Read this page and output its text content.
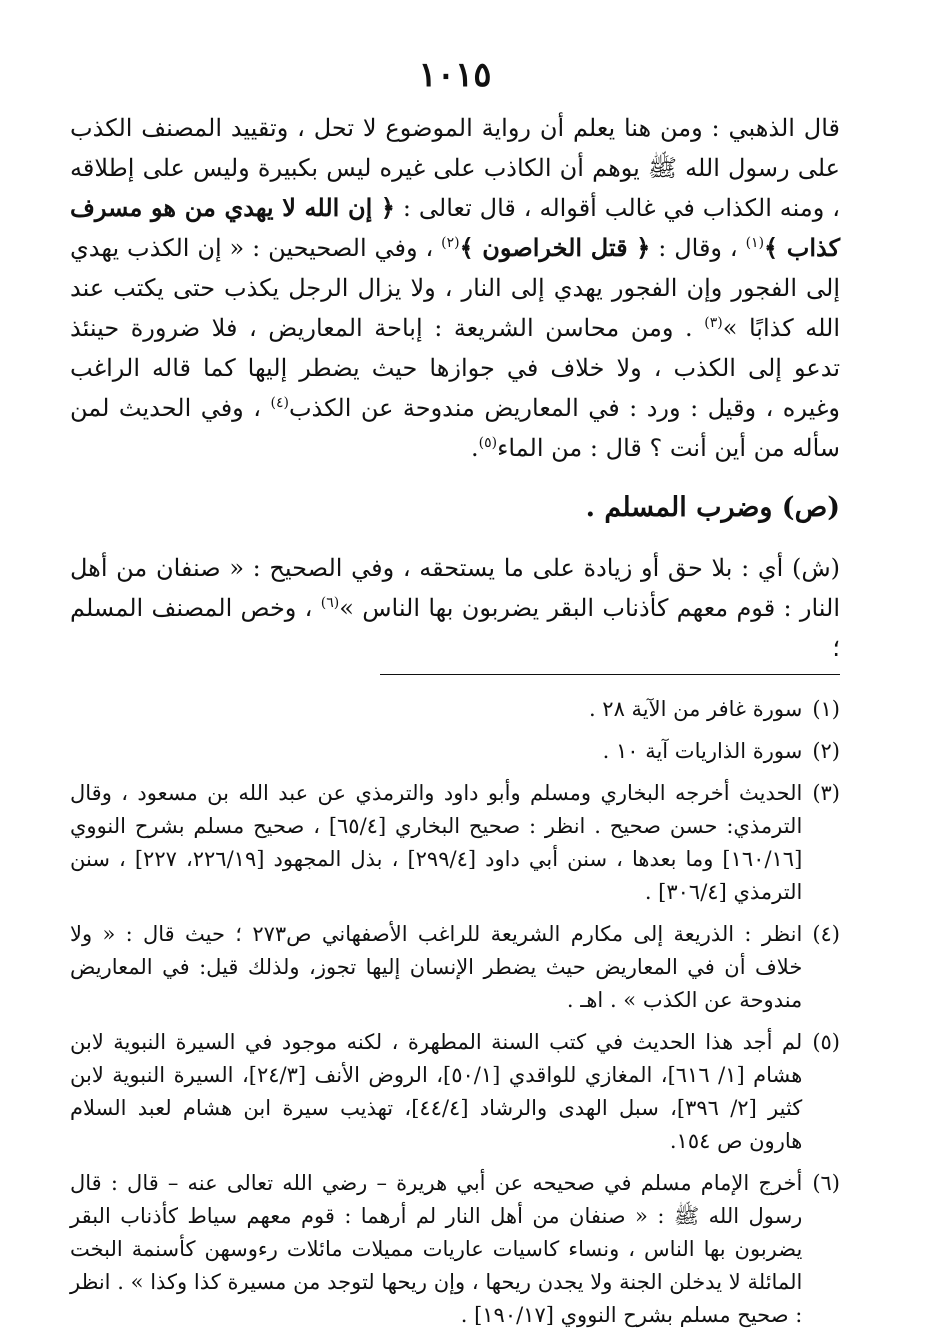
١٠١٥

قال الذهبي : ومن هنا يعلم أن رواية الموضوع لا تحل ، وتقييد المصنف الكذب على رسول الله ﷺ يوهم أن الكاذب على غيره ليس بكبيرة وليس على إطلاقه ، ومنه الكذاب في غالب أقواله ، قال تعالى : ﴿ إن الله لا يهدي من هو مسرف كذاب ﴾$^{(١)}$ ، وقال : ﴿ قتل الخراصون ﴾$^{(٢)}$ ، وفي الصحيحين : « إن الكذب يهدي إلى الفجور وإن الفجور يهدي إلى النار ، ولا يزال الرجل يكذب حتى يكتب عند الله كذابًا »$^{(٣)}$ . ومن محاسن الشريعة : إباحة المعاريض ، فلا ضرورة حينئذ تدعو إلى الكذب ، ولا خلاف في جوازها حيث يضطر إليها كما قاله الراغب وغيره ، وقيل : ورد : في المعاريض مندوحة عن الكذب$^{(٤)}$ ، وفي الحديث لمن سأله من أين أنت ؟ قال : من الماء$^{(٥)}$.

(ص) وضرب المسلم .

(ش) أي : بلا حق أو زيادة على ما يستحقه ، وفي الصحيح : « صنفان من أهل النار : قوم معهم كأذناب البقر يضربون بها الناس »$^{(٦)}$ ، وخص المصنف المسلم ؛

(١)
سورة غافر من الآية ٢٨ .
(٢)
سورة الذاريات آية ١٠ .
(٣)
الحديث أخرجه البخاري ومسلم وأبو داود والترمذي عن عبد الله بن مسعود ، وقال الترمذي: حسن صحيح . انظر : صحيح البخاري [٦٥/٤] ، صحيح مسلم بشرح النووي [١٦٠/١٦] وما بعدها ، سنن أبي داود [٢٩٩/٤] ، بذل المجهود [٢٢٦/١٩، ٢٢٧] ، سنن الترمذي [٣٠٦/٤] .
(٤)
انظر : الذريعة إلى مكارم الشريعة للراغب الأصفهاني ص٢٧٣ ؛ حيث قال : « ولا خلاف أن في المعاريض حيث يضطر الإنسان إليها تجوز، ولذلك قيل: في المعاريض مندوحة عن الكذب » . اهـ .
(٥)
لم أجد هذا الحديث في كتب السنة المطهرة ، لكنه موجود في السيرة النبوية لابن هشام [١/ ٦١٦]، المغازي للواقدي [٥٠/١]، الروض الأنف [٢٤/٣]، السيرة النبوية لابن كثير [٢/ ٣٩٦]، سبل الهدى والرشاد [٤٤/٤]، تهذيب سيرة ابن هشام لعبد السلام هارون ص ١٥٤.
(٦)
أخرج الإمام مسلم في صحيحه عن أبي هريرة – رضي الله تعالى عنه – قال : قال رسول الله ﷺ : « صنفان من أهل النار لم أرهما : قوم معهم سياط كأذناب البقر يضربون بها الناس ، ونساء كاسيات عاريات مميلات مائلات رءوسهن كأسنمة البخت المائلة لا يدخلن الجنة ولا يجدن ريحها ، وإن ريحها لتوجد من مسيرة كذا وكذا » . انظر : صحيح مسلم بشرح النووي [١٩٠/١٧] .
